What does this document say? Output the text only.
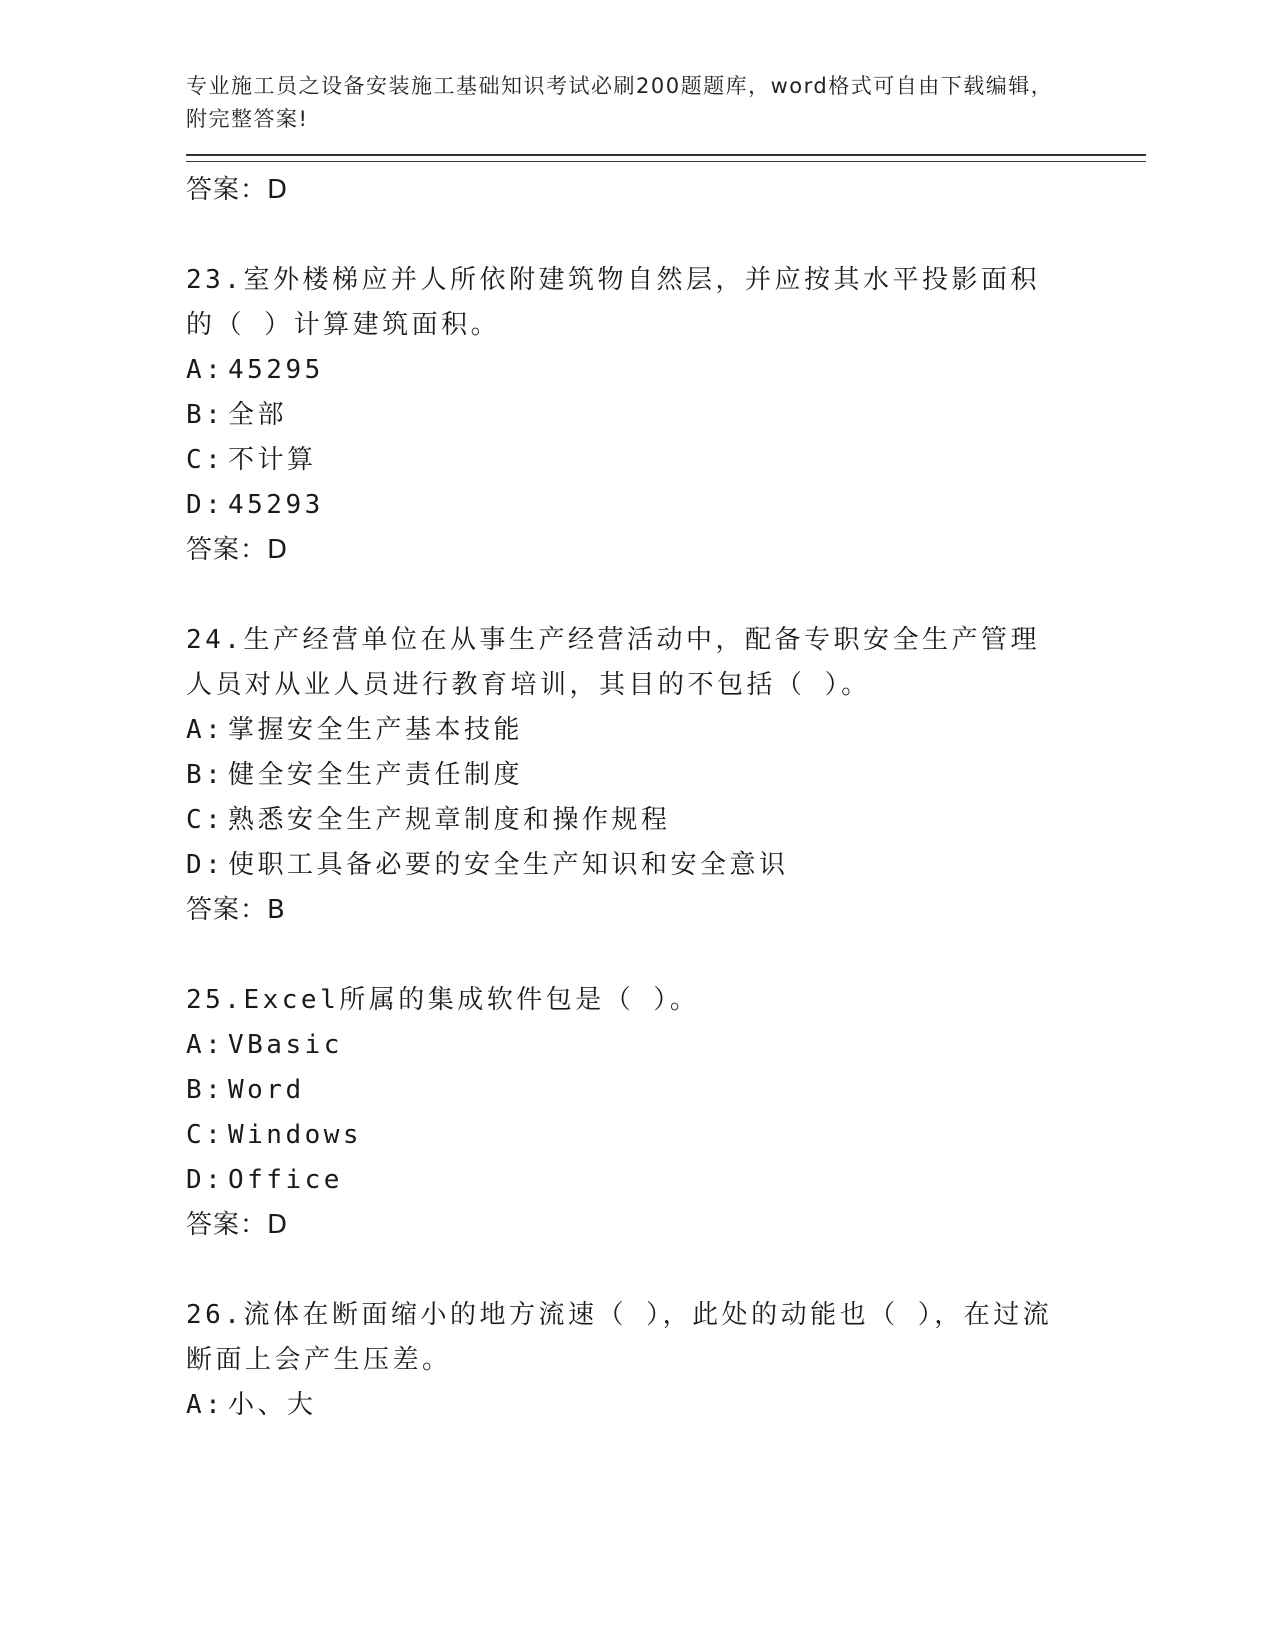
专业施工员之设备安装施工基础知识考试必刷200题题库，word格式可自由下载编辑，附完整答案!
答案：D
23.室外楼梯应并人所依附建筑物自然层，并应按其水平投影面积的（ ）计算建筑面积。
A: 45295
B: 全部
C: 不计算
D: 45293
答案：D
24.生产经营单位在从事生产经营活动中，配备专职安全生产管理人员对从业人员进行教育培训，其目的不包括（ ）。
A: 掌握安全生产基本技能
B: 健全安全生产责任制度
C: 熟悉安全生产规章制度和操作规程
D: 使职工具备必要的安全生产知识和安全意识
答案：B
25.Excel所属的集成软件包是（ ）。
A: VBasic
B: Word
C: Windows
D: Office
答案：D
26.流体在断面缩小的地方流速（ ），此处的动能也（ ），在过流断面上会产生压差。
A: 小、大
